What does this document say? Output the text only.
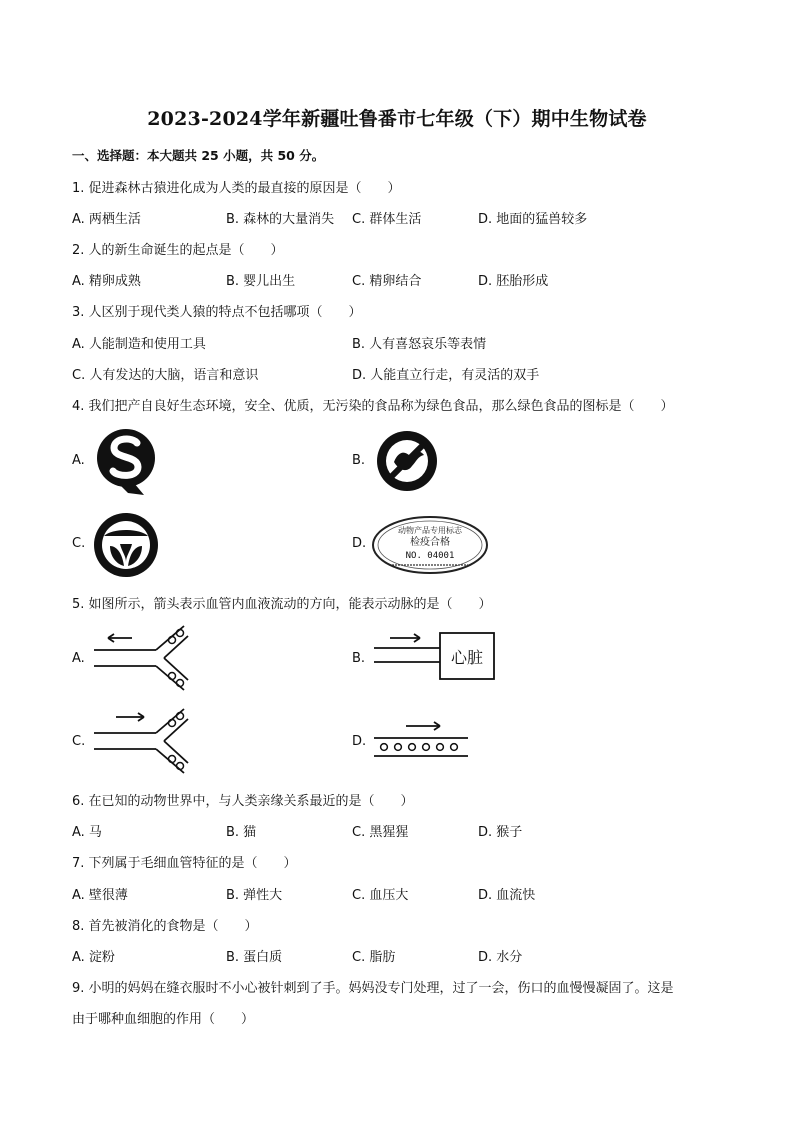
2023-2024学年新疆吐鲁番市七年级（下）期中生物试卷
一、选择题：本大题共 25 小题，共 50 分。
1. 促进森林古猿进化成为人类的最直接的原因是（　　）
A. 两栖生活	B. 森林的大量消失 C. 群体生活	D. 地面的猛兽较多
2. 人的新生命诞生的起点是（　　）
A. 精卵成熟	B. 婴儿出生	C. 精卵结合	D. 胚胎形成
3. 人区别于现代类人猿的特点不包括哪项（　　）
A. 人能制造和使用工具	B. 人有喜怒哀乐等表情
C. 人有发达的大脑，语言和意识	D. 人能直立行走，有灵活的双手
4. 我们把产自良好生态环境，安全、优质，无污染的食品称为绿色食品，那么绿色食品的图标是（　　）
A.	B.
C.	D.
动物产品专用标志
检疫合格
NO. 04001
5. 如图所示，箭头表示血管内血液流动的方向，能表示动脉的是（　　）
A.	B.	心脏
C.	D.
6. 在已知的动物世界中，与人类亲缘关系最近的是（　　）
A. 马	B. 猫	C. 黑猩猩	D. 猴子
7. 下列属于毛细血管特征的是（　　）
A. 壁很薄	B. 弹性大	C. 血压大	D. 血流快
8. 首先被消化的食物是（　　）
A. 淀粉	B. 蛋白质	C. 脂肪	D. 水分
9. 小明的妈妈在缝衣服时不小心被针刺到了手。妈妈没专门处理，过了一会，伤口的血慢慢凝固了。这是
由于哪种血细胞的作用（　　）
